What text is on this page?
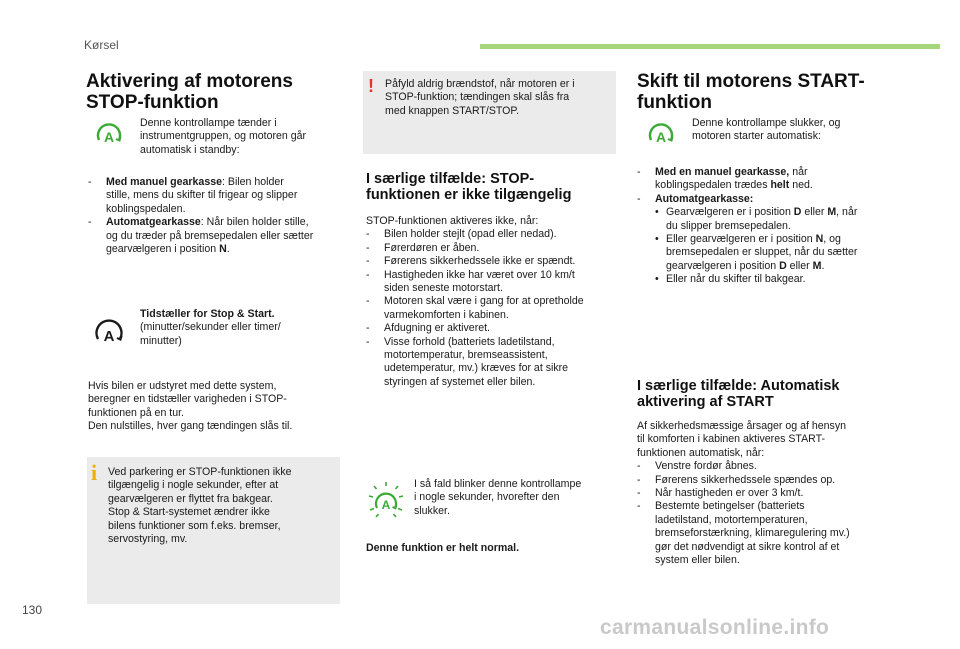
Kørsel
Aktivering af motorens
STOP-funktion
A
Denne kontrollampe tænder i
instrumentgruppen, og motoren går
automatisk i standby:
- Med manuel gearkasse: Bilen holder
stille, mens du skifter til frigear og slipper
koblingspedalen.
- Automatgearkasse: Når bilen holder stille,
og du træder på bremsepedalen eller sætter
gearvælgeren i position N.
A
Tidstæller for Stop & Start.
(minutter/sekunder eller timer/
minutter)
Hvis bilen er udstyret med dette system,
beregner en tidstæller varigheden i STOP-
funktionen på en tur.
Den nulstilles, hver gang tændingen slås til.
i Ved parkering er STOP-funktionen ikke
tilgængelig i nogle sekunder, efter at
gearvælgeren er flyttet fra bakgear.
Stop & Start-systemet ændrer ikke
bilens funktioner som f.eks. bremser,
servostyring, mv.
! Påfyld aldrig brændstof, når motoren er i
STOP-funktion; tændingen skal slås fra
med knappen START/STOP.
I særlige tilfælde: STOP-
funktionen er ikke tilgængelig
STOP-funktionen aktiveres ikke, når:
- Bilen holder stejlt (opad eller nedad).
- Førerdøren er åben.
- Førerens sikkerhedssele ikke er spændt.
- Hastigheden ikke har været over 10 km/t
siden seneste motorstart.
- Motoren skal være i gang for at opretholde
varmekomforten i kabinen.
- Afdugning er aktiveret.
- Visse forhold (batteriets ladetilstand,
motortemperatur, bremseassistent,
udetemperatur, mv.) kræves for at sikre
styringen af systemet eller bilen.
A
I så fald blinker denne kontrollampe
i nogle sekunder, hvorefter den
slukker.
Denne funktion er helt normal.
Skift til motorens START-
funktion
A
Denne kontrollampe slukker, og
motoren starter automatisk:
- Med en manuel gearkasse, når
koblingspedalen trædes helt ned.
- Automatgearkasse:
• Gearvælgeren er i position D eller M, når
du slipper bremsepedalen.
• Eller gearvælgeren er i position N, og
bremsepedalen er sluppet, når du sætter
gearvælgeren i position D eller M.
• Eller når du skifter til bakgear.
I særlige tilfælde: Automatisk
aktivering af START
Af sikkerhedsmæssige årsager og af hensyn
til komforten i kabinen aktiveres START-
funktionen automatisk, når:
- Venstre fordør åbnes.
- Førerens sikkerhedssele spændes op.
- Når hastigheden er over 3 km/t.
- Bestemte betingelser (batteriets
ladetilstand, motortemperaturen,
bremseforstærkning, klimaregulering mv.)
gør det nødvendigt at sikre kontrol af et
system eller bilen.
130
carmanualsonline.info
